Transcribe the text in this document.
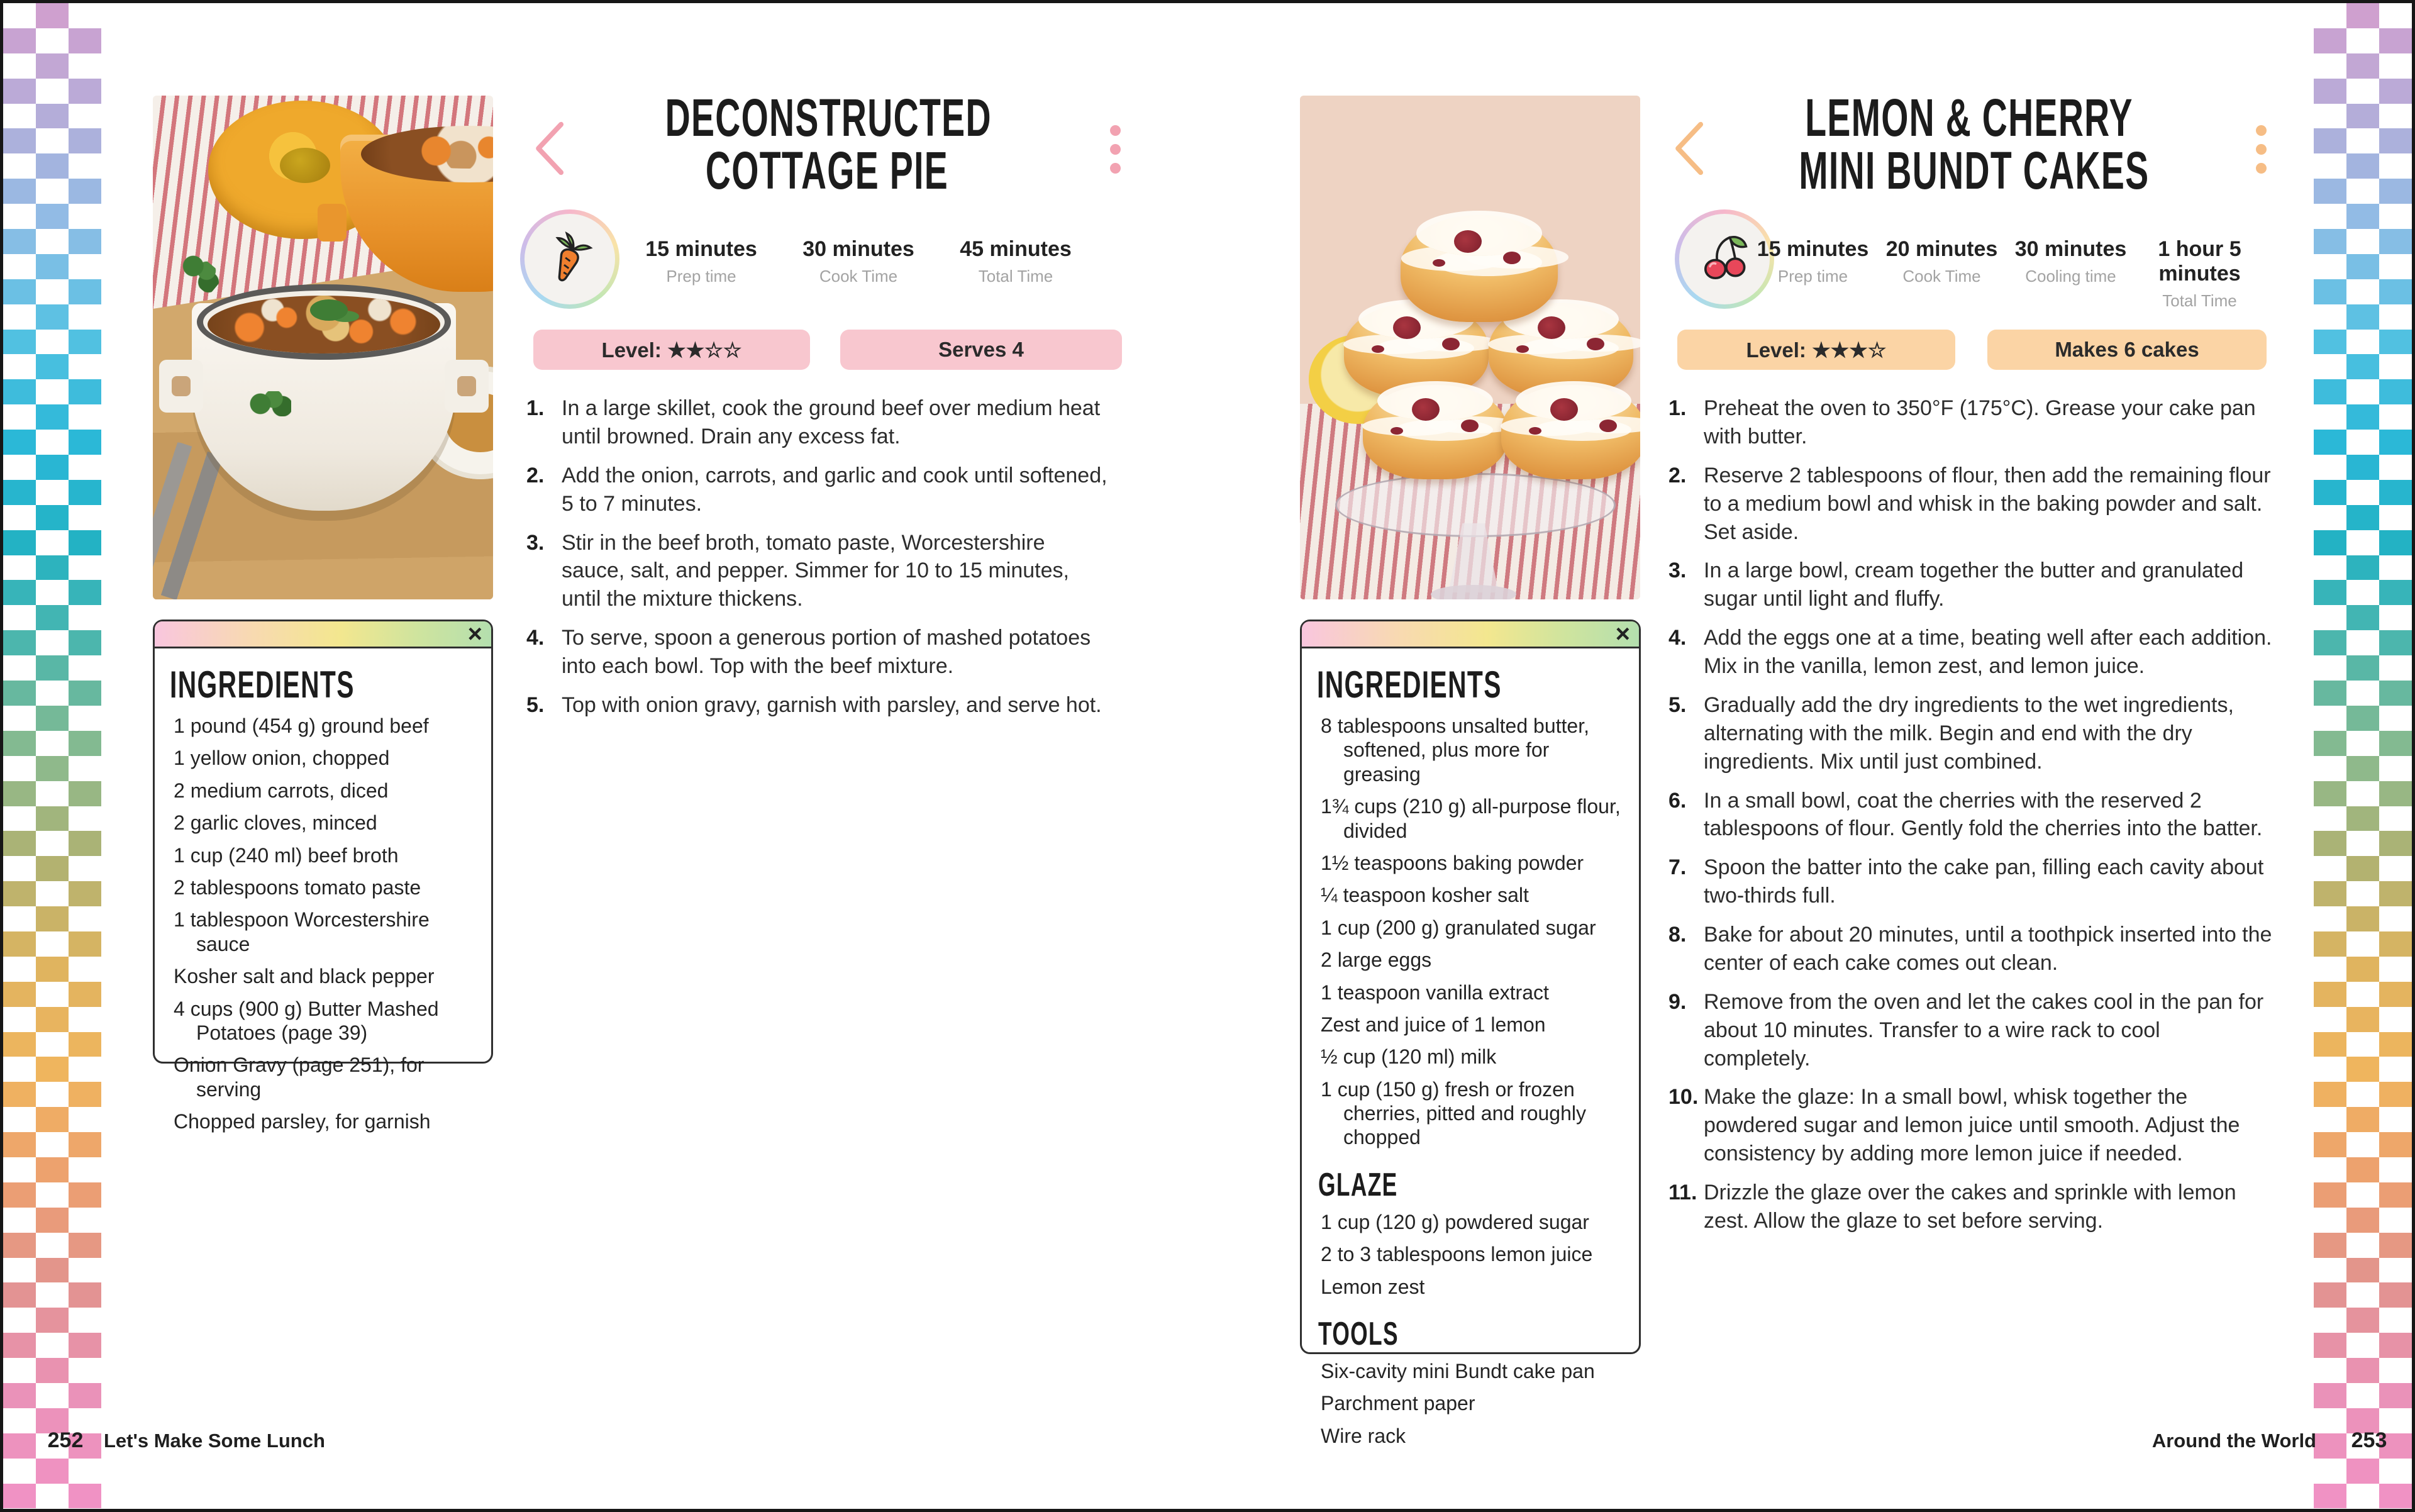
DECONSTRUCTED
COTTAGE PIE
15 minutes
Prep time
30 minutes
Cook Time
45 minutes
Total Time
Level: ★★☆☆	Serves 4
1. In a large skillet, cook the ground beef over medium heat until browned. Drain any excess fat.
2. Add the onion, carrots, and garlic and cook until softened, 5 to 7 minutes.
3. Stir in the beef broth, tomato paste, Worcestershire sauce, salt, and pepper. Simmer for 10 to 15 minutes, until the mixture thickens.
4. To serve, spoon a generous portion of mashed potatoes into each bowl. Top with the beef mixture.
5. Top with onion gravy, garnish with parsley, and serve hot.
×
INGREDIENTS
1 pound (454 g) ground beef
1 yellow onion, chopped
2 medium carrots, diced
2 garlic cloves, minced
1 cup (240 ml) beef broth
2 tablespoons tomato paste
1 tablespoon Worcestershire sauce
Kosher salt and black pepper
4 cups (900 g) Butter Mashed Potatoes (page 39)
Onion Gravy (page 251), for serving
Chopped parsley, for garnish
LEMON & CHERRY
MINI BUNDT CAKES
15 minutes
Prep time
20 minutes
Cook Time
30 minutes
Cooling time
1 hour 5 minutes
Total Time
Level: ★★★☆	Makes 6 cakes
1. Preheat the oven to 350°F (175°C). Grease your cake pan with butter.
2. Reserve 2 tablespoons of flour, then add the remaining flour to a medium bowl and whisk in the baking powder and salt. Set aside.
3. In a large bowl, cream together the butter and granulated sugar until light and fluffy.
4. Add the eggs one at a time, beating well after each addition. Mix in the vanilla, lemon zest, and lemon juice.
5. Gradually add the dry ingredients to the wet ingredients, alternating with the milk. Begin and end with the dry ingredients. Mix until just combined.
6. In a small bowl, coat the cherries with the reserved 2 tablespoons of flour. Gently fold the cherries into the batter.
7. Spoon the batter into the cake pan, filling each cavity about two-thirds full.
8. Bake for about 20 minutes, until a toothpick inserted into the center of each cake comes out clean.
9. Remove from the oven and let the cakes cool in the pan for about 10 minutes. Transfer to a wire rack to cool completely.
10. Make the glaze: In a small bowl, whisk together the powdered sugar and lemon juice until smooth. Adjust the consistency by adding more lemon juice if needed.
11. Drizzle the glaze over the cakes and sprinkle with lemon zest. Allow the glaze to set before serving.
×
INGREDIENTS
8 tablespoons unsalted butter, softened, plus more for greasing
1¾ cups (210 g) all-purpose flour, divided
1½ teaspoons baking powder
¼ teaspoon kosher salt
1 cup (200 g) granulated sugar
2 large eggs
1 teaspoon vanilla extract
Zest and juice of 1 lemon
½ cup (120 ml) milk
1 cup (150 g) fresh or frozen cherries, pitted and roughly chopped
GLAZE
1 cup (120 g) powdered sugar
2 to 3 tablespoons lemon juice
Lemon zest
TOOLS
Six-cavity mini Bundt cake pan
Parchment paper
Wire rack
252	Let's Make Some Lunch	Around the World	253
